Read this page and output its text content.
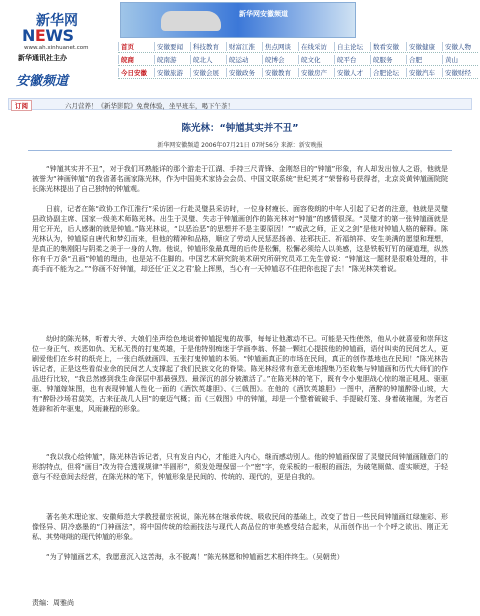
新华网
NEWS
www.ah.xinhuanet.com
新华通讯社主办
安徽频道
新华网安徽频道
首页	安徽要闻	科技教育	财富江淮	焦点网谈	在线采访	自主论坛	数看安徽	安徽健康	安徽人物
皖商	皖南游	皖北人	皖运动	皖博会	皖文化	皖平台	皖服务	合肥	黄山
今日安徽	安徽旅游	安徽会展	安徽政务	安徽教育	安徽房产	安徽人才	合肥论坛	安徽汽车	安徽财经
订阅	六月营养！《新华影院》免费体验，坐早班车，喝下午茶！
陈光林：“钟馗其实并不丑”
新华网安徽频道 2006年07月21日 07时56分 来源：新安晚报
“钟馗其实并不丑”，对于我们耳熟能详的那个游走于江湖、手持三尺青锋、金刚怒目的“钟馗”形象，有人却发出惊人之语，他就是被誉为“神画钟馗”的我省著名画家陈光林，作为中国美术家协会会员、中国文联系统“世纪英才”荣誉称号获得者，北京炎黄钟馗画院院长陈光林提出了自己独特的钟馗观。
日前，记者在陈“政协工作江淮行”采访团一行赴灵璧县采访时，一位身材瘦长、面容俊朗的中年人引起了记者的注意，他就是灵璧县政协副主席、国家一级美术师陈光林。出生于灵璧、失志于钟馗画创作的陈光林对“钟馗”的感情很深。“灵璧才的第一张钟馗画就是用它开光，后人感谢的就是钟馗。”陈光林说，“以恶治恶”的思想并不是主要原因！”“威武之师，正义之剑”是他对钟馗人格的解释。陈光林认为，钟馗原自唐代和梦幻而来，但他的精神和品格，顺应了劳动人民惩恶扬善、祛邪扶正、祈福纳祥、安生美满的愿望和理想，是真正的集刚阳与阴柔之美于一身的人物。他说，钟馗形象最真理的后传是松懈，松懈必须给人以美感，这是铁板钉钉的硬道理，纵然你有千万条“丑画”钟馗的理由，也是站不住脚的。中国艺术研究院美术研究所研究员邓工先生曾说：“钟馗这一题材是很难处理的，非高手而不能为之。”“你画不好钟馗，却还任‘正义之君’脸上挥黑，当心有一天钟馗忍不住把你也捉了去！”陈光林笑着说。
幼时的陈光林，听着大爷、大娘们坐声绘色地说着钟馗捉鬼的故事，每每让他激动不已。可能是天性使然，他从小就喜爱和崇拜这位一身正气、疾恶如仇、无私无畏的打鬼英雄，于是他特别痴迷于学画李翁、怀揣一颗红心提拔他的钟馗画，语付叫卖的民间艺人，更刷爱他们在乡村的纸壳上，一张白纸就画四、五张打鬼钟馗的本领。“钟馗画真正的市场在民间，真正的创作基地也在民间！”陈光林告诉记者，正是这些看似业余的民间艺人支撑起了我们民族文化的脊梁。陈光林经常有意无意地搜集乃至收集与钟馗画和历代大师们的作品进行比较，“我总然感到我生命深层中那最强烈、最深沉的部分被激活了。”在陈光林的笔下，既有令小鬼胆战心惊的端正吼吼、驱驱驱、钟馗嫁妹图，也有表现钟馗人性化一面的《酒饮英雄胆》、《三戟图》。在他的《酒饮英雄胆》一图中，酒醉的钟馗醉卧山坡，大有“醉卧沙场君莫笑，古来征战几人回”的豪迈气概；而《三戟图》中的钟馗，却是一个整着破破手、手提破灯笼、身着破袍履，为老百姓辟和祈年驱鬼，风雨兼程的形象。
“我以我心绘钟馗”，陈光林告诉记者，只有发自内心，才能进入内心，继而感动别人。他的钟馗画保留了灵璧民间钟馗画随意门的形韵特点，但将“画目”改为符合透视规律“半圆形”，须发处理保留一个“密”字，竞采板的一根根的画法，为破笔厕做、虚实顺逆，于轻意与不经意间去经营，在陈光林的笔下，钟馗形象是民间的、传统的、现代的，更是自我的。
著名美术理论家、安徽师范大学教授翟宗祝说，陈光林在继承传统、吸收民间的基础上，改变了昔日一些民间钟馗画红绿施彩、形像怪异、阴冷惑墨的“门神画法”，将中国传统的绘画技法与现代人高品位的审美感受结合起来，从而创作出一个个呼之欲出、刚正无私、其势咄咄的现代钟馗的形象。
“为了钟馗画艺术，我愿意沉入这苦海，永不脱离！”陈光林愿和钟馗画艺术相伴终生。（吴朝贵）
责编：周雅尚
